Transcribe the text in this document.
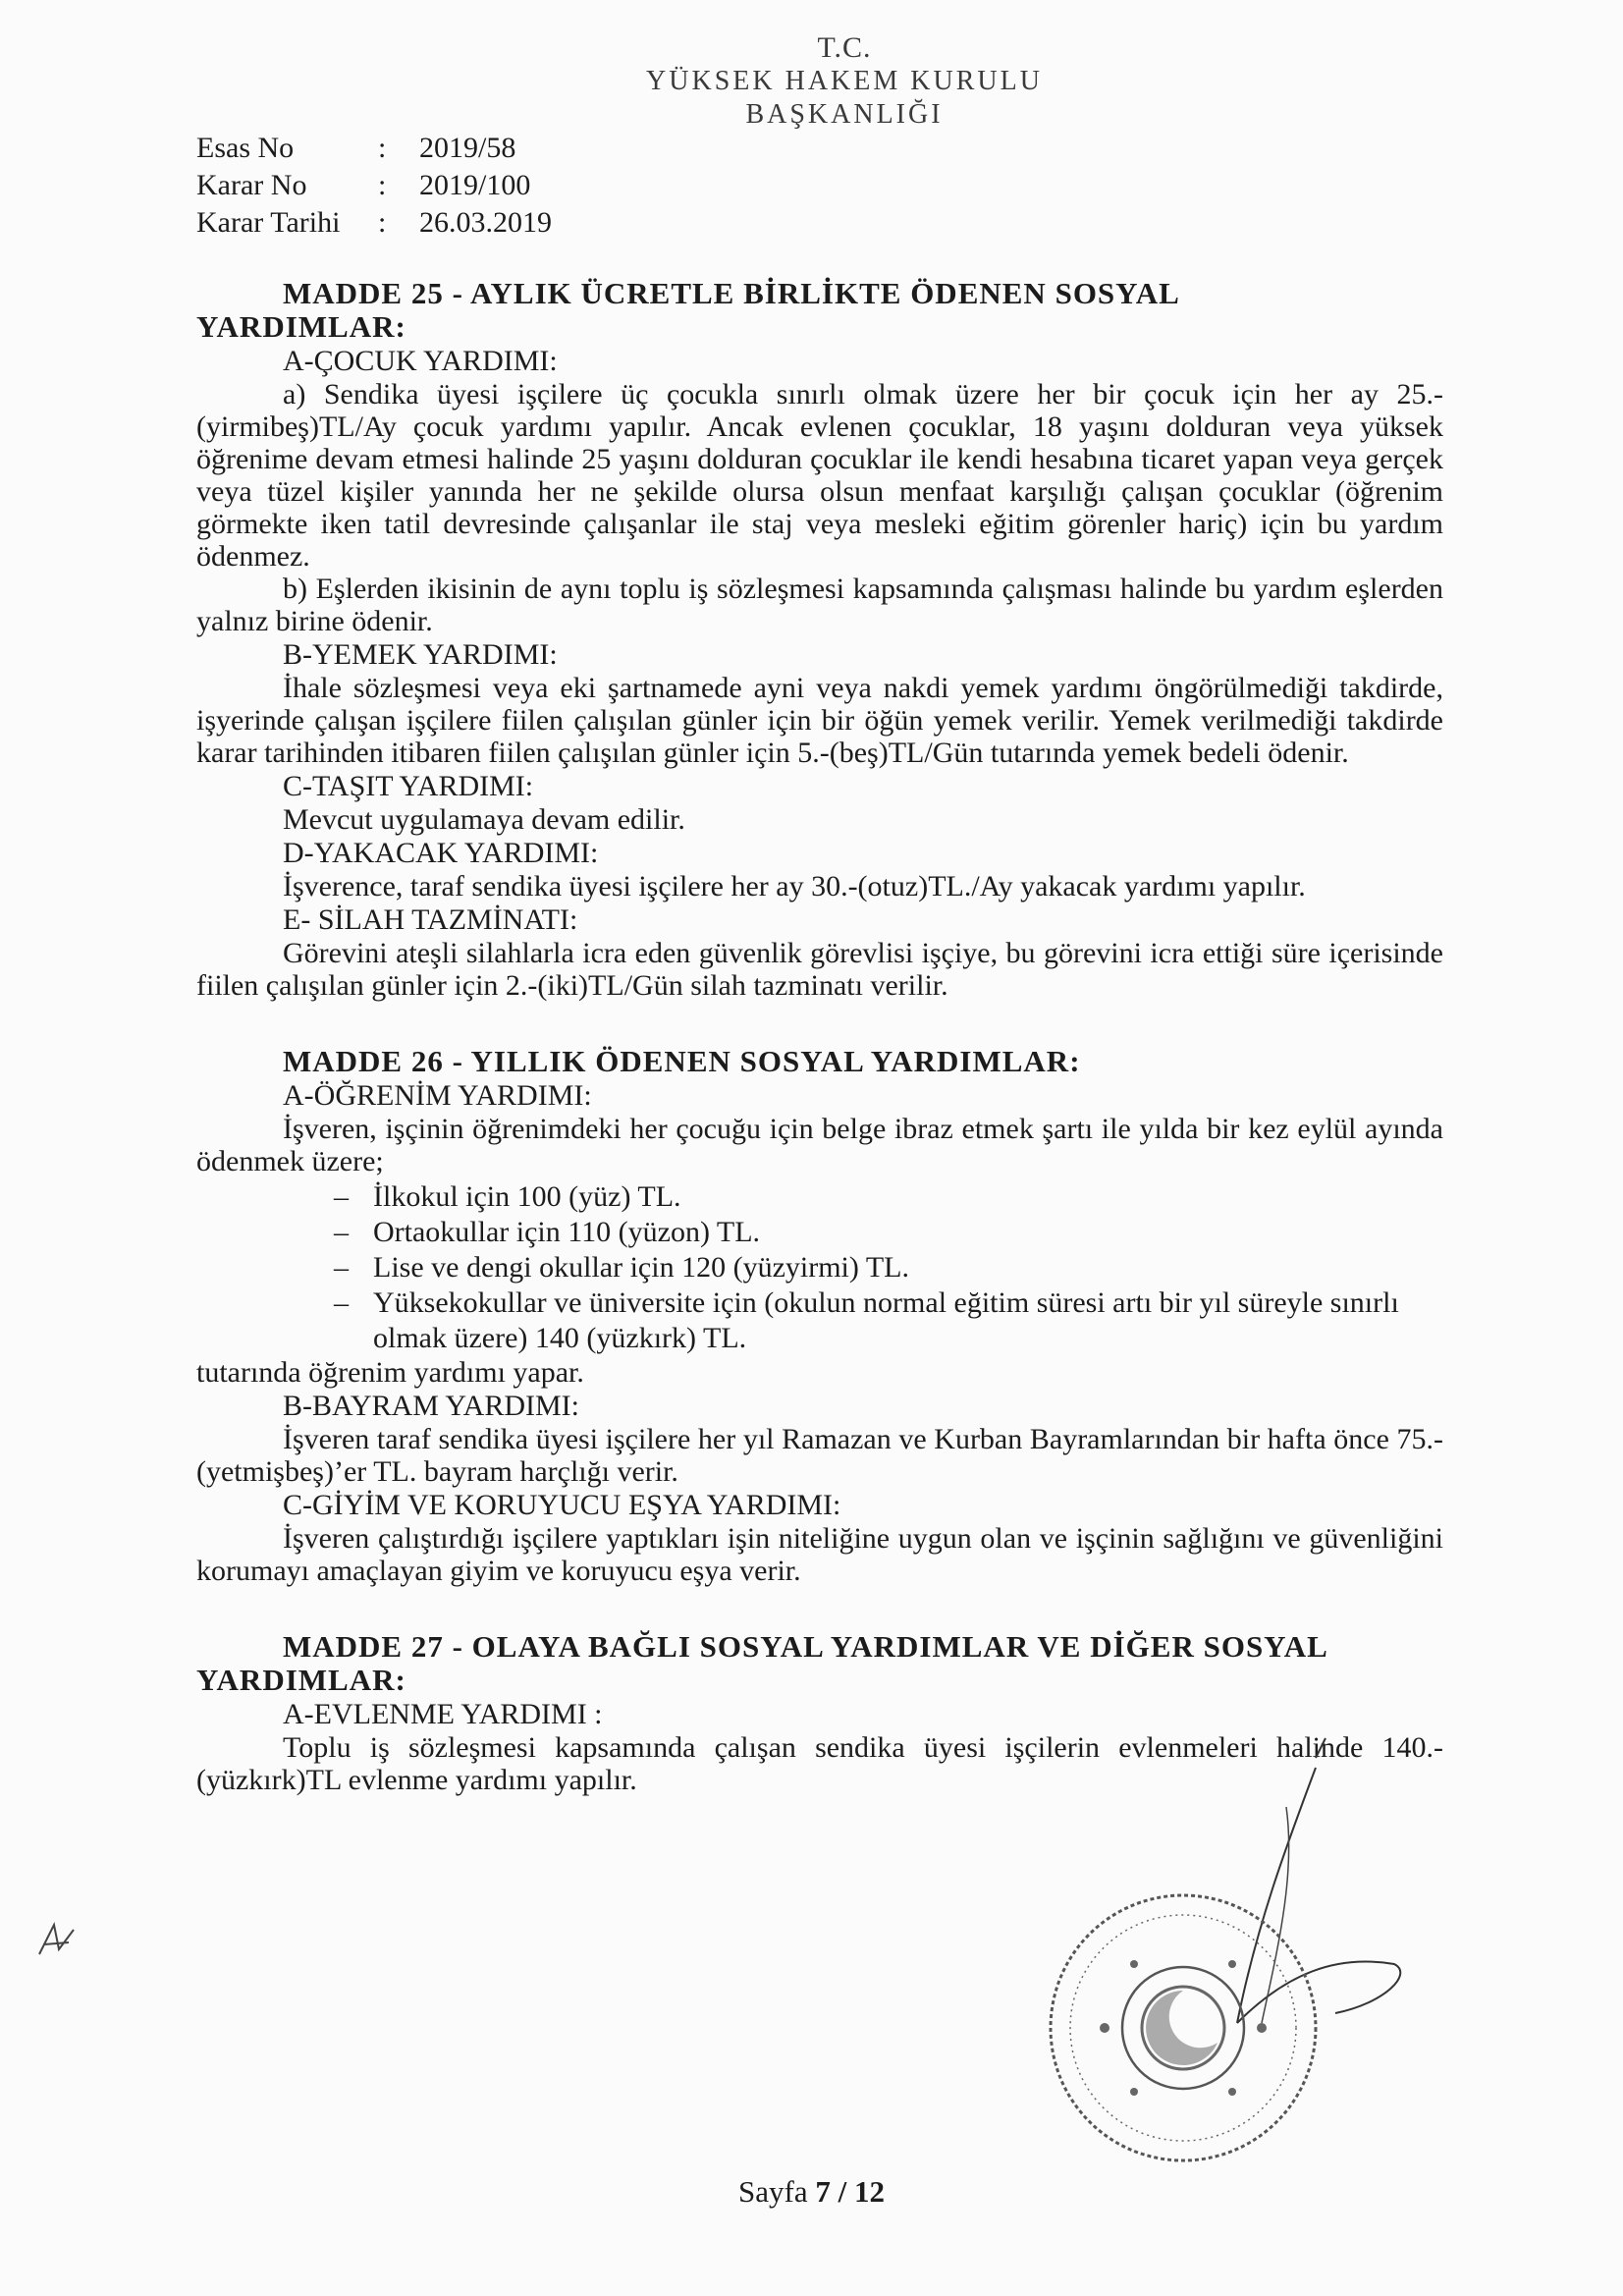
T.C.
YÜKSEK HAKEM KURULU
BAŞKANLIĞI
Esas No	:	2019/58
Karar No	:	2019/100
Karar Tarihi	:	26.03.2019

MADDE 25 - AYLIK ÜCRETLE BİRLİKTE ÖDENEN SOSYAL
YARDIMLAR:

A-ÇOCUK YARDIMI:

a) Sendika üyesi işçilere üç çocukla sınırlı olmak üzere her bir çocuk için her ay 25.-(yirmibeş)TL/Ay çocuk yardımı yapılır. Ancak evlenen çocuklar, 18 yaşını dolduran veya yüksek öğrenime devam etmesi halinde 25 yaşını dolduran çocuklar ile kendi hesabına ticaret yapan veya gerçek veya tüzel kişiler yanında her ne şekilde olursa olsun menfaat karşılığı çalışan çocuklar (öğrenim görmekte iken tatil devresinde çalışanlar ile staj veya mesleki eğitim görenler hariç) için bu yardım ödenmez.

b) Eşlerden ikisinin de aynı toplu iş sözleşmesi kapsamında çalışması halinde bu yardım eşlerden yalnız birine ödenir.

B-YEMEK YARDIMI:

İhale sözleşmesi veya eki şartnamede ayni veya nakdi yemek yardımı öngörülmediği takdirde, işyerinde çalışan işçilere fiilen çalışılan günler için bir öğün yemek verilir. Yemek verilmediği takdirde karar tarihinden itibaren fiilen çalışılan günler için 5.-(beş)TL/Gün tutarında yemek bedeli ödenir.

C-TAŞIT YARDIMI:

Mevcut uygulamaya devam edilir.

D-YAKACAK YARDIMI:

İşverence, taraf sendika üyesi işçilere her ay 30.-(otuz)TL./Ay yakacak yardımı yapılır.

E- SİLAH TAZMİNATI:

Görevini ateşli silahlarla icra eden güvenlik görevlisi işçiye, bu görevini icra ettiği süre içerisinde fiilen çalışılan günler için 2.-(iki)TL/Gün silah tazminatı verilir.

MADDE 26 - YILLIK ÖDENEN SOSYAL YARDIMLAR:

A-ÖĞRENİM YARDIMI:

İşveren, işçinin öğrenimdeki her çocuğu için belge ibraz etmek şartı ile yılda bir kez eylül ayında ödenmek üzere;

– İlkokul için 100 (yüz) TL.
– Ortaokullar için 110 (yüzon) TL.
– Lise ve dengi okullar için 120 (yüzyirmi) TL.
– Yüksekokullar ve üniversite için (okulun normal eğitim süresi artı bir yıl süreyle sınırlı olmak üzere) 140 (yüzkırk) TL.

tutarında öğrenim yardımı yapar.

B-BAYRAM YARDIMI:

İşveren taraf sendika üyesi işçilere her yıl Ramazan ve Kurban Bayramlarından bir hafta önce 75.-(yetmişbeş)’er TL. bayram harçlığı verir.

C-GİYİM VE KORUYUCU EŞYA YARDIMI:

İşveren çalıştırdığı işçilere yaptıkları işin niteliğine uygun olan ve işçinin sağlığını ve güvenliğini korumayı amaçlayan giyim ve koruyucu eşya verir.

MADDE 27 - OLAYA BAĞLI SOSYAL YARDIMLAR VE DİĞER SOSYAL
YARDIMLAR:

A-EVLENME YARDIMI :

Toplu iş sözleşmesi kapsamında çalışan sendika üyesi işçilerin evlenmeleri halinde 140.-(yüzkırk)TL evlenme yardımı yapılır.

Sayfa 7 / 12
